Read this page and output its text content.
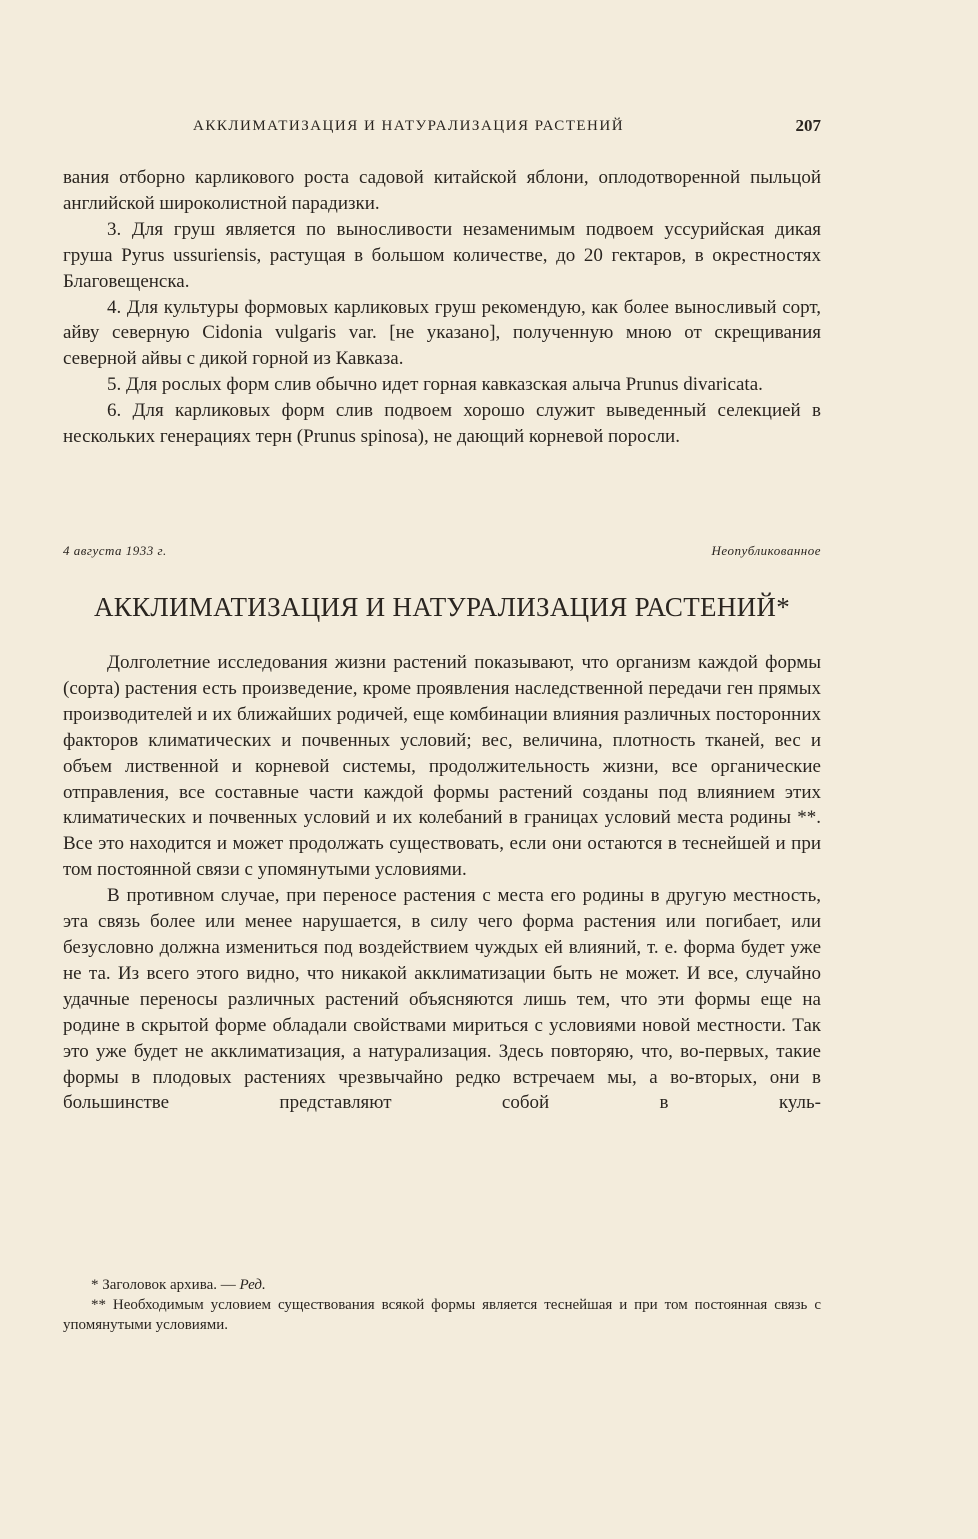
АККЛИМАТИЗАЦИЯ И НАТУРАЛИЗАЦИЯ РАСТЕНИЙ	207

вания отборно карликового роста садовой китайской яблони, оплодотворенной пыльцой английской широколистной парадизки.

3. Для груш является по выносливости незаменимым подвоем уссурийская дикая груша Pyrus ussuriensis, растущая в большом количестве, до 20 гектаров, в окрестностях Благовещенска.

4. Для культуры формовых карликовых груш рекомендую, как более выносливый сорт, айву северную Cidonia vulgaris var. [не указано], полученную мною от скрещивания северной айвы с дикой горной из Кавказа.

5. Для рослых форм слив обычно идет горная кавказская алыча Prunus divaricata.

6. Для карликовых форм слив подвоем хорошо служит выведенный селекцией в нескольких генерациях терн (Prunus spinosa), не дающий корневой поросли.

4 августа 1933 г.	Неопубликованное
АККЛИМАТИЗАЦИЯ И НАТУРАЛИЗАЦИЯ РАСТЕНИЙ*

Долголетние исследования жизни растений показывают, что организм каждой формы (сорта) растения есть произведение, кроме проявления наследственной передачи ген прямых производителей и их ближайших родичей, еще комбинации влияния различных посторонних факторов климатических и почвенных условий; вес, величина, плотность тканей, вес и объем лиственной и корневой системы, продолжительность жизни, все органические отправления, все составные части каждой формы растений созданы под влиянием этих климатических и почвенных условий и их колебаний в границах условий места родины **. Все это находится и может продолжать существовать, если они остаются в теснейшей и при том постоянной связи с упомянутыми условиями.

В противном случае, при переносе растения с места его родины в другую местность, эта связь более или менее нарушается, в силу чего форма растения или погибает, или безусловно должна измениться под воздействием чуждых ей влияний, т. е. форма будет уже не та. Из всего этого видно, что никакой акклиматизации быть не может. И все, случайно удачные переносы различных растений объясняются лишь тем, что эти формы еще на родине в скрытой форме обладали свойствами мириться с условиями новой местности. Так это уже будет не акклиматизация, а натурализация. Здесь повторяю, что, во-первых, такие формы в плодовых растениях чрезвычайно редко встречаем мы, а во-вторых, они в большинстве представляют собой в куль-

* Заголовок архива. — Ред.

** Необходимым условием существования всякой формы является теснейшая и при том постоянная связь с упомянутыми условиями.
